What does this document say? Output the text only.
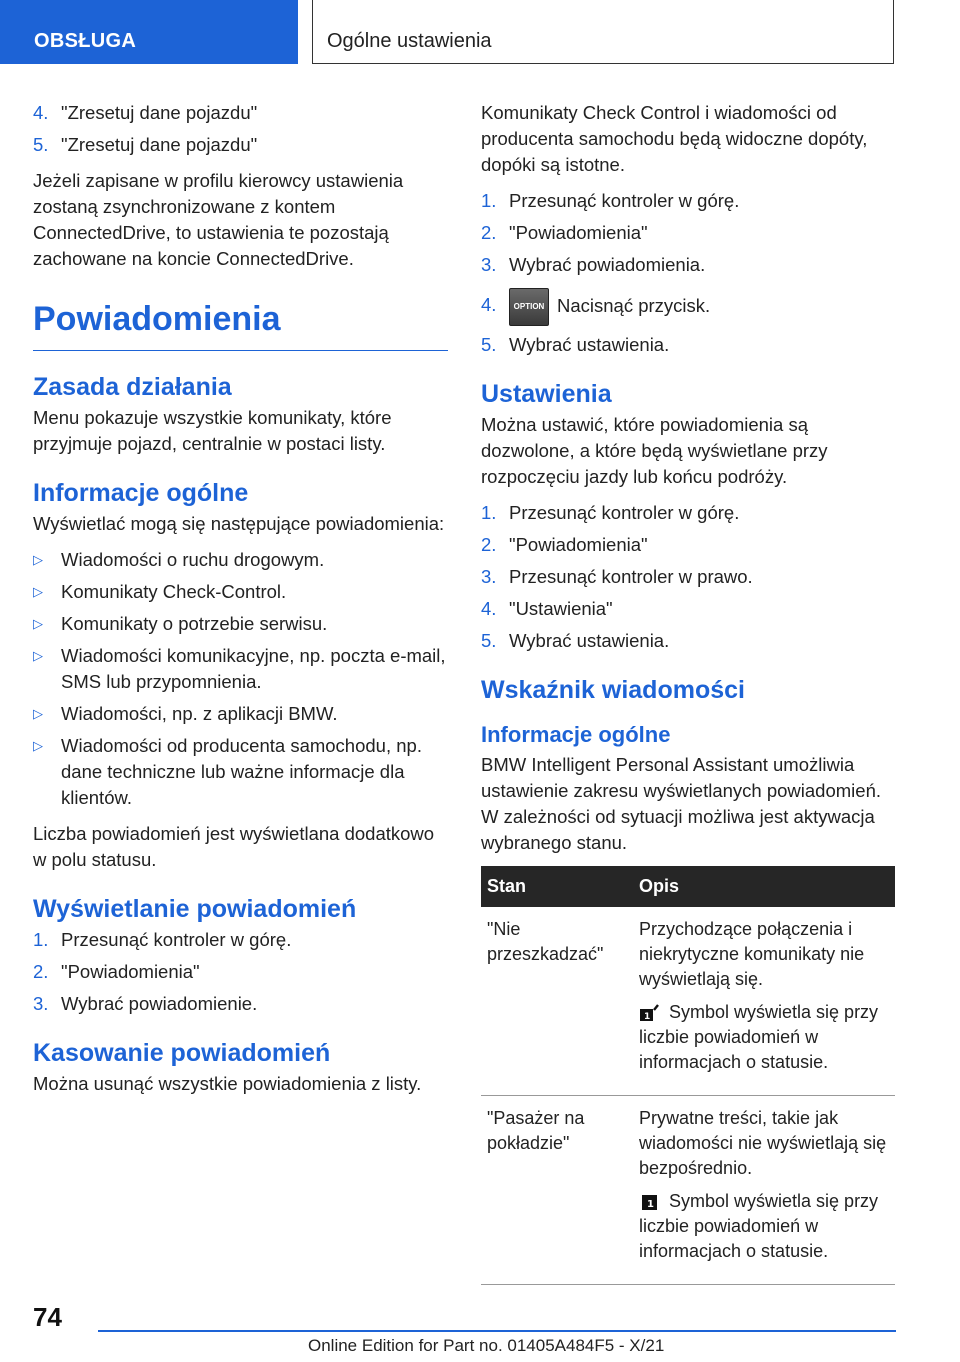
OBSŁUGA	Ogólne ustawienia
4. "Zresetuj dane pojazdu"
5. "Zresetuj dane pojazdu"

Jeżeli zapisane w profilu kierowcy ustawienia zostaną zsynchronizowane z kontem ConnectedDrive, to ustawienia te pozostają zachowane na koncie ConnectedDrive.

Powiadomienia
Zasada działania

Menu pokazuje wszystkie komunikaty, które przyjmuje pojazd, centralnie w postaci listy.

Informacje ogólne

Wyświetlać mogą się następujące powiadomienia:

▷ Wiadomości o ruchu drogowym.
▷ Komunikaty Check-Control.
▷ Komunikaty o potrzebie serwisu.
▷ Wiadomości komunikacyjne, np. poczta e-mail, SMS lub przypomnienia.
▷ Wiadomości, np. z aplikacji BMW.
▷ Wiadomości od producenta samochodu, np. dane techniczne lub ważne informacje dla klientów.

Liczba powiadomień jest wyświetlana dodatkowo w polu statusu.

Wyświetlanie powiadomień
1. Przesunąć kontroler w górę.
2. "Powiadomienia"
3. Wybrać powiadomienie.
Kasowanie powiadomień

Można usunąć wszystkie powiadomienia z listy.

Komunikaty Check Control i wiadomości od producenta samochodu będą widoczne dopóty, dopóki są istotne.

1. Przesunąć kontroler w górę.
2. "Powiadomienia"
3. Wybrać powiadomienia.
4. OPTION Nacisnąć przycisk.
5. Wybrać ustawienia.
Ustawienia

Można ustawić, które powiadomienia są dozwolone, a które będą wyświetlane przy rozpoczęciu jazdy lub końcu podróży.

1. Przesunąć kontroler w górę.
2. "Powiadomienia"
3. Przesunąć kontroler w prawo.
4. "Ustawienia"
5. Wybrać ustawienia.
Wskaźnik wiadomości
Informacje ogólne

BMW Intelligent Personal Assistant umożliwia ustawienie zakresu wyświetlanych powiadomień. W zależności od sytuacji możliwa jest aktywacja wybranego stanu.

Stan	Opis
"Nie przeszkadzać"	Przychodzące połączenia i niekrytyczne komunikaty nie wyświetlają się.

1 Symbol wyświetla się przy liczbie powiadomień w informacjach o statusie.

"Pasażer na pokładzie"	Prywatne treści, takie jak wiadomości nie wyświetlają się bezpośrednio.

1 Symbol wyświetla się przy liczbie powiadomień w informacjach o statusie.

74
Online Edition for Part no. 01405A484F5 - X/21
